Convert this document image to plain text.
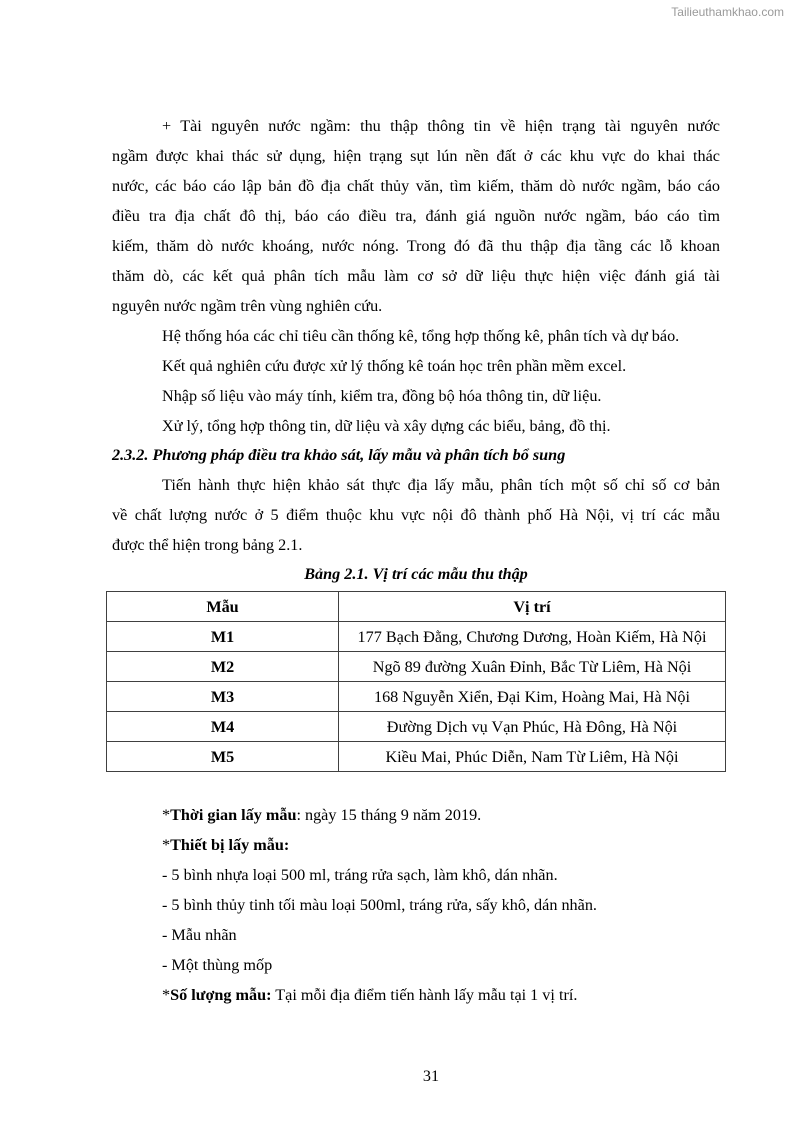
Tailieuthamkhao.com
+ Tài nguyên nước ngầm: thu thập thông tin về hiện trạng tài nguyên nước
ngầm được khai thác sử dụng, hiện trạng sụt lún nền đất ở các khu vực do khai thác
nước, các báo cáo lập bản đồ địa chất thủy văn, tìm kiếm, thăm dò nước ngầm, báo cáo
điều tra địa chất đô thị, báo cáo điều tra, đánh giá nguồn nước ngầm, báo cáo tìm
kiếm, thăm dò nước khoáng, nước nóng. Trong đó đã thu thập địa tầng các lỗ khoan
thăm dò, các kết quả phân tích mẫu làm cơ sở dữ liệu thực hiện việc đánh giá tài
nguyên nước ngầm trên vùng nghiên cứu.
Hệ thống hóa các chỉ tiêu cần thống kê, tổng hợp thống kê, phân tích và dự báo.
Kết quả nghiên cứu được xử lý thống kê toán học trên phần mềm excel.
Nhập số liệu vào máy tính, kiểm tra, đồng bộ hóa thông tin, dữ liệu.
Xử lý, tổng hợp thông tin, dữ liệu và xây dựng các biểu, bảng, đồ thị.
2.3.2. Phương pháp điều tra khảo sát, lấy mẫu và phân tích bổ sung
Tiến hành thực hiện khảo sát thực địa lấy mẫu, phân tích một số chỉ số cơ bản
về chất lượng nước ở 5 điểm thuộc khu vực nội đô thành phố Hà Nội, vị trí các mẫu
được thể hiện trong bảng 2.1.
Bảng 2.1. Vị trí các mẫu thu thập
Mẫu	Vị trí
M1	177 Bạch Đằng, Chương Dương, Hoàn Kiếm, Hà Nội
M2	Ngõ 89 đường Xuân Đỉnh, Bắc Từ Liêm, Hà Nội
M3	168 Nguyễn Xiển, Đại Kim, Hoàng Mai, Hà Nội
M4	Đường Dịch vụ Vạn Phúc, Hà Đông, Hà Nội
M5	Kiều Mai, Phúc Diễn, Nam Từ Liêm, Hà Nội
*Thời gian lấy mẫu: ngày 15 tháng 9 năm 2019.
*Thiết bị lấy mẫu:
- 5 bình nhựa loại 500 ml, tráng rửa sạch, làm khô, dán nhãn.
- 5 bình thủy tinh tối màu loại 500ml, tráng rửa, sấy khô, dán nhãn.
- Mẫu nhãn
- Một thùng mốp
*Số lượng mẫu: Tại mỗi địa điểm tiến hành lấy mẫu tại 1 vị trí.
31
